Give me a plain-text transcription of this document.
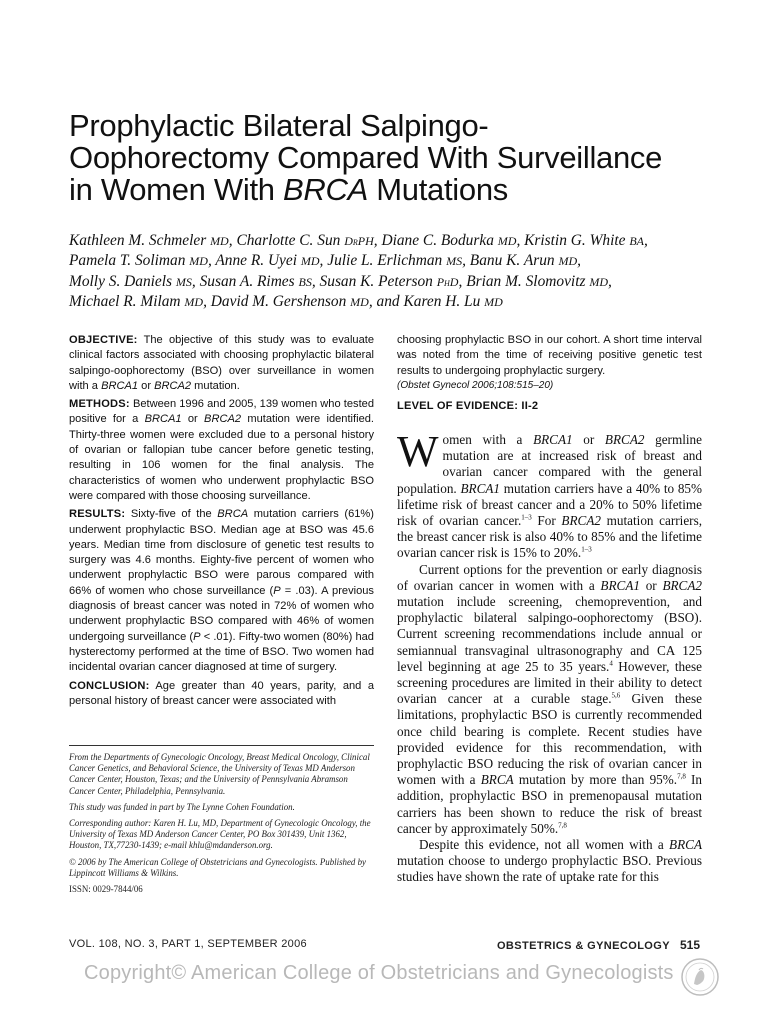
Prophylactic Bilateral Salpingo-
Oophorectomy Compared With Surveillance
in Women With BRCA Mutations

Kathleen M. Schmeler MD, Charlotte C. Sun DrPH, Diane C. Bodurka MD, Kristin G. White BA,
Pamela T. Soliman MD, Anne R. Uyei MD, Julie L. Erlichman MS, Banu K. Arun MD,
Molly S. Daniels MS, Susan A. Rimes BS, Susan K. Peterson PhD, Brian M. Slomovitz MD,
Michael R. Milam MD, David M. Gershenson MD, and Karen H. Lu MD

OBJECTIVE: The objective of this study was to evaluate clinical factors associated with choosing prophylactic bilateral salpingo-oophorectomy (BSO) over surveillance in women with a BRCA1 or BRCA2 mutation.

METHODS: Between 1996 and 2005, 139 women who tested positive for a BRCA1 or BRCA2 mutation were identified. Thirty-three women were excluded due to a personal history of ovarian or fallopian tube cancer before genetic testing, resulting in 106 women for the final analysis. The characteristics of women who underwent prophylactic BSO were compared with those choosing surveillance.

RESULTS: Sixty-five of the BRCA mutation carriers (61%) underwent prophylactic BSO. Median age at BSO was 45.6 years. Median time from disclosure of genetic test results to surgery was 4.6 months. Eighty-five percent of women who underwent prophylactic BSO were parous compared with 66% of women who chose surveillance (P = .03). A previous diagnosis of breast cancer was noted in 72% of women who underwent prophylactic BSO compared with 46% of women undergoing surveillance (P < .01). Fifty-two women (80%) had hysterectomy performed at the time of BSO. Two women had incidental ovarian cancer diagnosed at time of surgery.

CONCLUSION: Age greater than 40 years, parity, and a personal history of breast cancer were associated with

From the Departments of Gynecologic Oncology, Breast Medical Oncology, Clinical Cancer Genetics, and Behavioral Science, the University of Texas MD Anderson Cancer Center, Houston, Texas; and the University of Pennsylvania Abramson Cancer Center, Philadelphia, Pennsylvania.

This study was funded in part by The Lynne Cohen Foundation.

Corresponding author: Karen H. Lu, MD, Department of Gynecologic Oncology, the University of Texas MD Anderson Cancer Center, PO Box 301439, Unit 1362, Houston, TX,77230-1439; e-mail khlu@mdanderson.org.

© 2006 by The American College of Obstetricians and Gynecologists. Published by Lippincott Williams & Wilkins.

ISSN: 0029-7844/06

choosing prophylactic BSO in our cohort. A short time interval was noted from the time of receiving positive genetic test results to undergoing prophylactic surgery.

(Obstet Gynecol 2006;108:515–20)

LEVEL OF EVIDENCE: II-2

Women with a BRCA1 or BRCA2 germline mutation are at increased risk of breast and ovarian cancer compared with the general population. BRCA1 mutation carriers have a 40% to 85% lifetime risk of breast cancer and a 20% to 50% lifetime risk of ovarian cancer.$^{1-3}$ For BRCA2 mutation carriers, the breast cancer risk is also 40% to 85% and the lifetime ovarian cancer risk is 15% to 20%.$^{1-3}$

Current options for the prevention or early diagnosis of ovarian cancer in women with a BRCA1 or BRCA2 mutation include screening, chemoprevention, and prophylactic bilateral salpingo-oophorectomy (BSO). Current screening recommendations include annual or semiannual transvaginal ultrasonography and CA 125 level beginning at age 25 to 35 years.$^4$ However, these screening procedures are limited in their ability to detect ovarian cancer at a curable stage.$^{5,6}$ Given these limitations, prophylactic BSO is currently recommended once child bearing is complete. Recent studies have provided evidence for this recommendation, with prophylactic BSO reducing the risk of ovarian cancer in women with a BRCA mutation by more than 95%.$^{7,8}$ In addition, prophylactic BSO in premenopausal mutation carriers has been shown to reduce the risk of breast cancer by approximately 50%.$^{7,8}$

Despite this evidence, not all women with a BRCA mutation choose to undergo prophylactic BSO. Previous studies have shown the rate of uptake rate for this

VOL. 108, NO. 3, PART 1, SEPTEMBER 2006	OBSTETRICS & GYNECOLOGY 515
Copyright© American College of Obstetricians and Gynecologists
